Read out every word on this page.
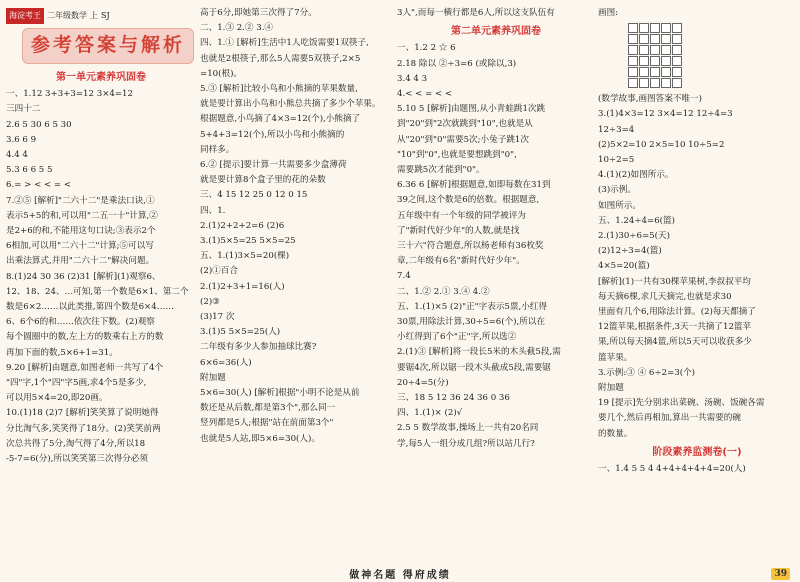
海淀考王 二年级数学 上 SJ
参考答案与解析
第一单元素养巩固卷
一、1.12 3+3+3=12 3×4=12
三四十二
2.6 5 30 6 5 30
3.6 6 9
4.4 4
5.3 6 6 5 5
6.= > < < = <
7.②⑤ [解析]"二六十二"是乘法口诀,①
表示5+5的和,可以用"二五一十"计算,②
是2+6的和,不能用这句口诀;③表示2个
6相加,可以用"二六十二"计算;⑤可以写
出乘法算式,并用"二六十二"解决问题。
8.(1)24 30 36 (2)31 [解析](1)观察6、
12、18、24、…可知,第一个数是6×1、第二个
数是6×2……以此类推,第四个数是6×4……
6、6个6的和……依次往下数。(2)观察
每个圆圈中的数,左上方的数乘右上方的数
再加下面的数,5×6+1=31。
9.20 [解析]由题意,如图老师一共写了4个
"四"字,1个"四"字5画,求4个5是多少,
可以用5×4=20,即20画。
10.(1)18 (2)7 [解析]笑笑算了说明她得
分比淘气多,笑笑得了18分。(2)笑笑前两
次总共得了5分,淘气得了4分,所以18
-5-7=6(分),所以笑笑第三次得分必须
高于6分,即她第三次得了7分。
二、1.③ 2.② 3.④
四、1.① [解析]生活中1人吃饭需要1双筷子,
也就是2根筷子,那么5人需要5双筷子,2×5
=10(根)。
5.③ [解析]比较小鸟和小熊摘的苹果数量,
就是要计算出小鸟和小熊总共摘了多少个苹果。
根据题意,小鸟摘了4×3=12(个),小熊摘了
5+4+3=12(个),所以小鸟和小熊摘的
同样多。
6.② [提示]要计算一共需要多少盒薄荷
就是要计算8个盒子里的花的朵数
三、4 15 12 25 0 12 0 15
四、1.
2.(1)2+2+2=6 (2)6
3.(1)5×5=25 5×5=25
五、1.(1)3×5=20(棵)
(2)①百合
2.(1)2+3+1=16(人)
(2)③
(3)17 次
3.(1)5 5×5=25(人)
二年级有多少人参加抽球比赛?
6×6=36(人)
附加题
5×6=30(人) [解析]根据"小明不论是从前
数还是从后数,都是第3个",那么同一
竖列都是5人;根据"站在前面第3个"
也就是5人站,即5×6=30(人)。
3人",而每一横行都是6人,所以这支队伍有
第二单元素养巩固卷
一、1.2 2 ☆ 6
2.18 除以 ②÷3=6 (或除以,3)
3.4 4 3
4.< < = < <
5.10 5 [解析]由题图,从小青蛙跳1次跳
到"20"到"2次就跳到"10",也就是从
从"20"到"0"需要5次;小兔子跳1次
"10"到"0",也就是要想跳到"0",
需要跳5次才能到"0"。
6.36 6 [解析]根据题意,如即每数在31到
39之间,这个数是6的倍数。根据题意,
五年级中有一个年级的同学被评为
了"新时代好少年"的人数,就是找
三十六"符合题意,所以杨老师有36枚奖
章,二年级有6名"新时代好少年"。
7.4
二、1.② 2.① 3.④ 4.②
五、1.(1)×5 (2)"正"字表示5票,小红得
30票,用除法计算,30÷5=6(个),所以在
小红得到了6个"正"字,所以选②
2.(1)③ [解析]将一段长5米的木头截5段,需
要锯4次,所以锯一段木头截成5段,需要锯
20÷4=5(分)
三、18 5 12 36 24 36 0 36
四、1.(1)× (2)√
2.5 5 数学故事,操场上一共有20名同
学,每5人一组分成几组?所以站几行?
画图:
(数学故事,画图答案不唯一)
3.(1)4×3=12 3×4=12 12÷4=3
12÷3=4
(2)5×2=10 2×5=10 10÷5=2
10÷2=5
4.(1)(2)如图所示。
(3)示例。
如图所示。
五、1.24÷4=6(篮)
2.(1)30÷6=5(天)
(2)12÷3=4(篮)
4×5=20(篮)
[解析](1)一共有30棵苹果树,李叔叔平均
每天摘6棵,求几天摘完,也就是求30
里面有几个6,用除法计算。(2)每天都摘了
12篮苹果,根据条件,3天一共摘了12篮苹
果,所以每天摘4篮,所以5天可以收获多少
篮苹果。
3.示例:③ ④ 6÷2=3(个)
附加题
19 [提示]先分别求出菜碗、汤碗、饭碗各需
要几个,然后再相加,算出一共需要的碗
的数量。
阶段素养监测卷(一)
一、1.4 5 5 4 4+4+4+4+4=20(人)
做神名题 得府成绩	39
